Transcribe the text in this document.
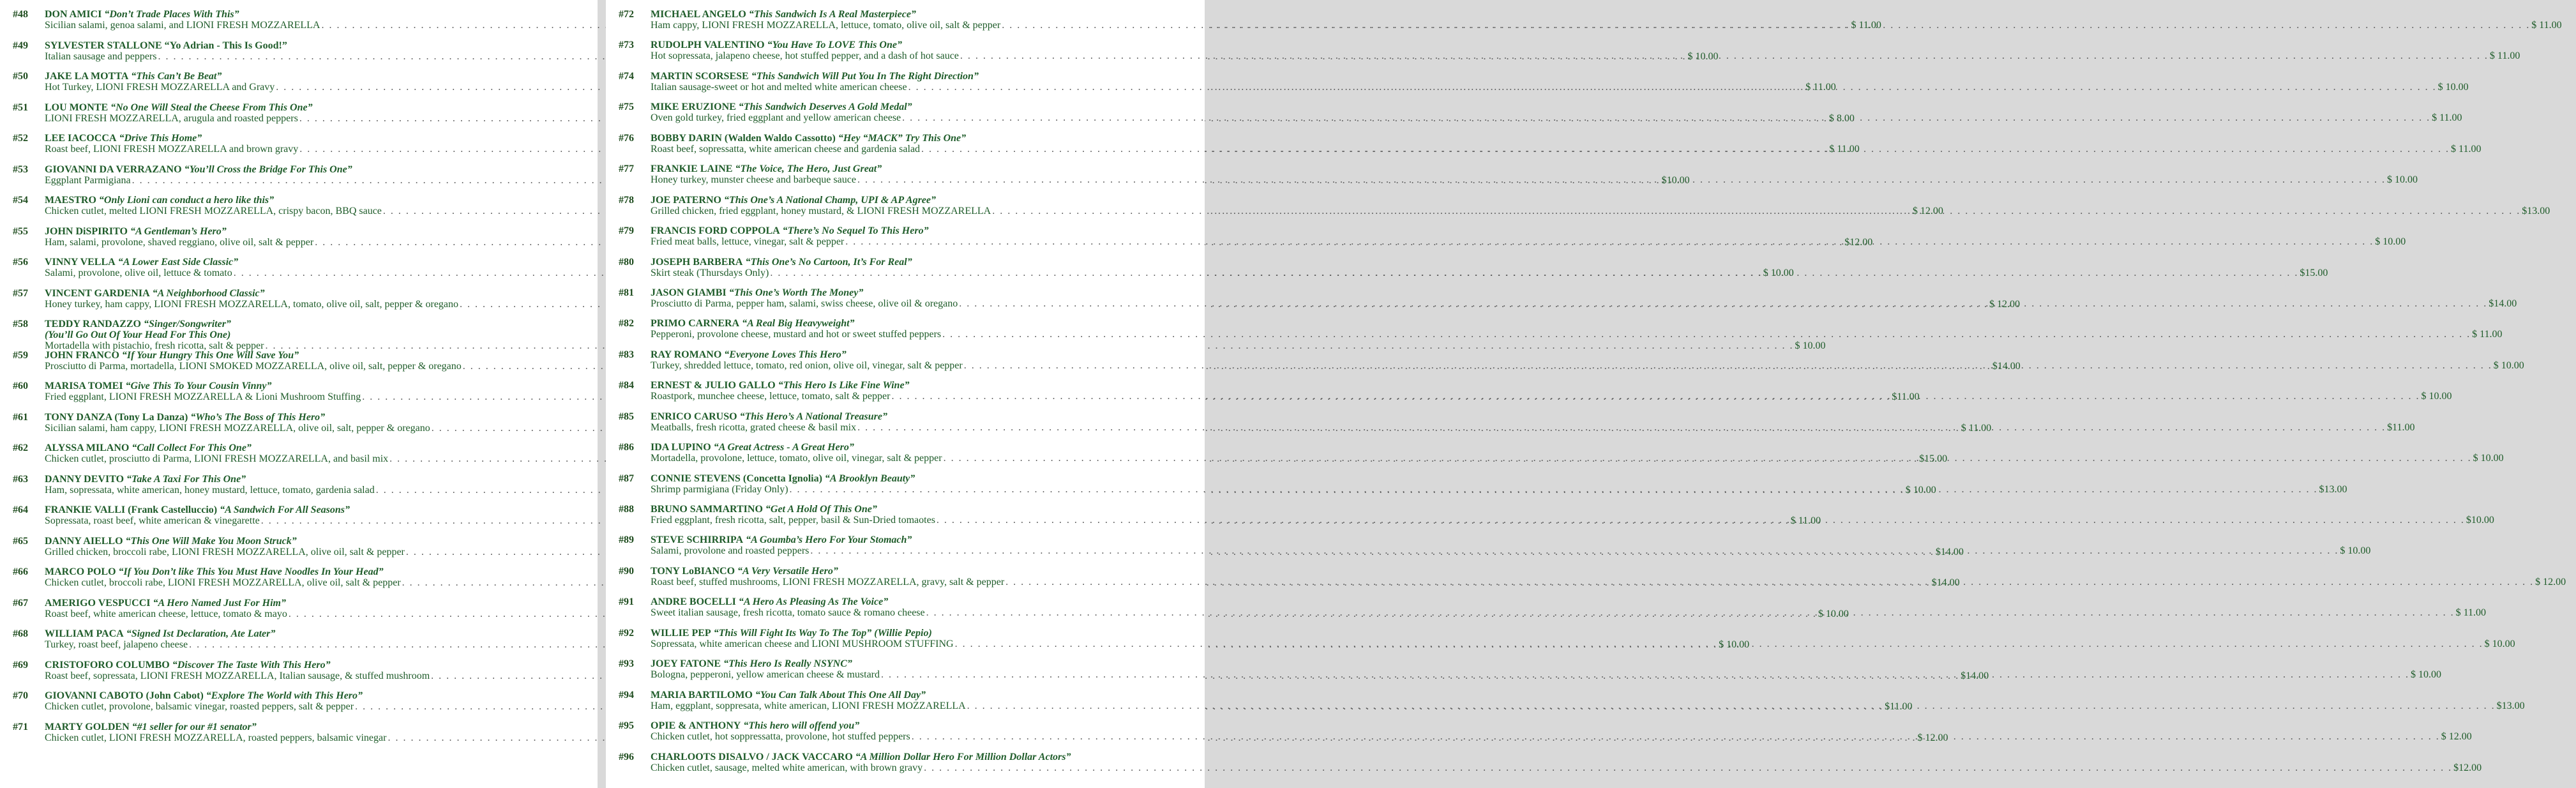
#48	DON AMICI “Don’t Trade Places With This”
Sicilian salami, genoa salami, and LIONI FRESH MOZZARELLA . . .	$ 11.00
#49	SYLVESTER STALLONE “Yo Adrian - This Is Good!”
Italian sausage and peppers . . .	$ 10.00
#50	JAKE LA MOTTA “This Can’t Be Beat”
Hot Turkey, LIONI FRESH MOZZARELLA and Gravy . . .	$ 11.00
#51	LOU MONTE “No One Will Steal the Cheese From This One”
LIONI FRESH MOZZARELLA, arugula and roasted peppers . . .	$ 8.00
#52	LEE IACOCCA “Drive This Home”
Roast beef, LIONI FRESH MOZZARELLA and brown gravy . . .	$ 11.00
#53	GIOVANNI DA VERRAZANO “You’ll Cross the Bridge For This One”
Eggplant Parmigiana . . .	$10.00
#54	MAESTRO “Only Lioni can conduct a hero like this”
Chicken cutlet, melted LIONI FRESH MOZZARELLA, crispy bacon, BBQ sauce . . .	$ 12.00
#55	JOHN DiSPIRITO “A Gentleman’s Hero”
Ham, salami, provolone, shaved reggiano, olive oil, salt & pepper . . .	$12.00
#56	VINNY VELLA “A Lower East Side Classic”
Salami, provolone, olive oil, lettuce & tomato . . .	$ 10.00
#57	VINCENT GARDENIA “A Neighborhood Classic”
Honey turkey, ham cappy, LIONI FRESH MOZZARELLA, tomato, olive oil, salt, pepper & oregano . . .	$ 12.00
#58	TEDDY RANDAZZO “Singer/Songwriter”
(You’ll Go Out Of Your Head For This One)
Mortadella with pistachio, fresh ricotta, salt & pepper . . .	$ 10.00
#59	JOHN FRANCO “If Your Hungry This One Will Save You”
Prosciutto di Parma, mortadella, LIONI SMOKED MOZZARELLA, olive oil, salt, pepper & oregano . . .	$14.00
#60	MARISA TOMEI “Give This To Your Cousin Vinny”
Fried eggplant, LIONI FRESH MOZZARELLA & Lioni Mushroom Stuffing . . .	$11.00
#61	TONY DANZA (Tony La Danza) “Who’s The Boss of This Hero”
Sicilian salami, ham cappy, LIONI FRESH MOZZARELLA, olive oil, salt, pepper & oregano . . .	$ 11.00
#62	ALYSSA MILANO “Call Collect For This One”
Chicken cutlet, prosciutto di Parma, LIONI FRESH MOZZARELLA, and basil mix . . .	$15.00
#63	DANNY DEVITO “Take A Taxi For This One”
Ham, sopressata, white american, honey mustard, lettuce, tomato, gardenia salad . . .	$ 10.00
#64	FRANKIE VALLI (Frank Castelluccio) “A Sandwich For All Seasons”
Sopressata, roast beef, white american & vinegarette . . .	$ 11.00
#65	DANNY AIELLO “This One Will Make You Moon Struck”
Grilled chicken, broccoli rabe, LIONI FRESH MOZZARELLA, olive oil, salt & pepper . . .	$14.00
#66	MARCO POLO “If You Don’t like This You Must Have Noodles In Your Head”
Chicken cutlet, broccoli rabe, LIONI FRESH MOZZARELLA, olive oil, salt & pepper . . .	$14.00
#67	AMERIGO VESPUCCI “A Hero Named Just For Him”
Roast beef, white american cheese, lettuce, tomato & mayo . . .	$ 10.00
#68	WILLIAM PACA “Signed Ist Declaration, Ate Later”
Turkey, roast beef, jalapeno cheese . . .	$ 10.00
#69	CRISTOFORO COLUMBO “Discover The Taste With This Hero”
Roast beef, sopressata, LIONI FRESH MOZZARELLA, Italian sausage, & stuffed mushroom . . .	$14.00
#70	GIOVANNI CABOTO (John Cabot) “Explore The World with This Hero”
Chicken cutlet, provolone, balsamic vinegar, roasted peppers, salt & pepper . . .	$11.00
#71	MARTY GOLDEN “#1 seller for our #1 senator”
Chicken cutlet, LIONI FRESH MOZZARELLA, roasted peppers, balsamic vinegar . . .	$ 12.00
#72	MICHAEL ANGELO “This Sandwich Is A Real Masterpiece”
Ham cappy, LIONI FRESH MOZZARELLA, lettuce, tomato, olive oil, salt & pepper . . .	$ 11.00
#73	RUDOLPH VALENTINO “You Have To LOVE This One”
Hot sopressata, jalapeno cheese, hot stuffed pepper, and a dash of hot sauce . . .	$ 11.00
#74	MARTIN SCORSESE “This Sandwich Will Put You In The Right Direction”
Italian sausage-sweet or hot and melted white american cheese . . .	$ 10.00
#75	MIKE ERUZIONE “This Sandwich Deserves A Gold Medal”
Oven gold turkey, fried eggplant and yellow american cheese . . .	$ 11.00
#76	BOBBY DARIN (Walden Waldo Cassotto) “Hey “MACK” Try This One”
Roast beef, sopressatta, white american cheese and gardenia salad . . .	$ 11.00
#77	FRANKIE LAINE “The Voice, The Hero, Just Great”
Honey turkey, munster cheese and barbeque sauce . . .	$ 10.00
#78	JOE PATERNO “This One’s A National Champ, UPI & AP Agree”
Grilled chicken, fried eggplant, honey mustard, & LIONI FRESH MOZZARELLA . . .	$13.00
#79	FRANCIS FORD COPPOLA “There’s No Sequel To This Hero”
Fried meat balls, lettuce, vinegar, salt & pepper . . .	$ 10.00
#80	JOSEPH BARBERA “This One’s No Cartoon, It’s For Real”
Skirt steak (Thursdays Only) . . .	$15.00
#81	JASON GIAMBI “This One’s Worth The Money”
Prosciutto di Parma, pepper ham, salami, swiss cheese, olive oil & oregano . . .	$14.00
#82	PRIMO CARNERA “A Real Big Heavyweight”
Pepperoni, provolone cheese, mustard and hot or sweet stuffed peppers . . .	$ 11.00
#83	RAY ROMANO “Everyone Loves This Hero”
Turkey, shredded lettuce, tomato, red onion, olive oil, vinegar, salt & pepper . . .	$ 10.00
#84	ERNEST & JULIO GALLO “This Hero Is Like Fine Wine”
Roastpork, munchee cheese, lettuce, tomato, salt & pepper . . .	$ 10.00
#85	ENRICO CARUSO “This Hero’s A National Treasure”
Meatballs, fresh ricotta, grated cheese & basil mix . . .	$11.00
#86	IDA LUPINO “A Great Actress - A Great Hero”
Mortadella, provolone, lettuce, tomato, olive oil, vinegar, salt & pepper . . .	$ 10.00
#87	CONNIE STEVENS (Concetta Ignolia) “A Brooklyn Beauty”
Shrimp parmigiana (Friday Only) . . .	$13.00
#88	BRUNO SAMMARTINO “Get A Hold Of This One”
Fried eggplant, fresh ricotta, salt, pepper, basil & Sun-Dried tomaotes . . .	$10.00
#89	STEVE SCHIRRIPA “A Goumba’s Hero For Your Stomach”
Salami, provolone and roasted peppers . . .	$ 10.00
#90	TONY LoBIANCO “A Very Versatile Hero”
Roast beef, stuffed mushrooms, LIONI FRESH MOZZARELLA, gravy, salt & pepper . . .	$ 12.00
#91	ANDRE BOCELLI “A Hero As Pleasing As The Voice”
Sweet italian sausage, fresh ricotta, tomato sauce & romano cheese . . .	$ 11.00
#92	WILLIE PEP “This Will Fight Its Way To The Top” (Willie Pepio)
Sopressata, white american cheese and LIONI MUSHROOM STUFFING . . .	$ 10.00
#93	JOEY FATONE “This Hero Is Really NSYNC”
Bologna, pepperoni, yellow american cheese & mustard . . .	$ 10.00
#94	MARIA BARTILOMO “You Can Talk About This One All Day”
Ham, eggplant, soppresata, white american, LIONI FRESH MOZZARELLA . . .	$13.00
#95	OPIE & ANTHONY “This hero will offend you”
Chicken cutlet, hot soppressatta, provolone, hot stuffed peppers . . .	$ 12.00
#96	CHARLOOTS DISALVO / JACK VACCARO “A Million Dollar Hero For Million Dollar Actors”
Chicken cutlet, sausage, melted white american, with brown gravy . . .	$12.00
